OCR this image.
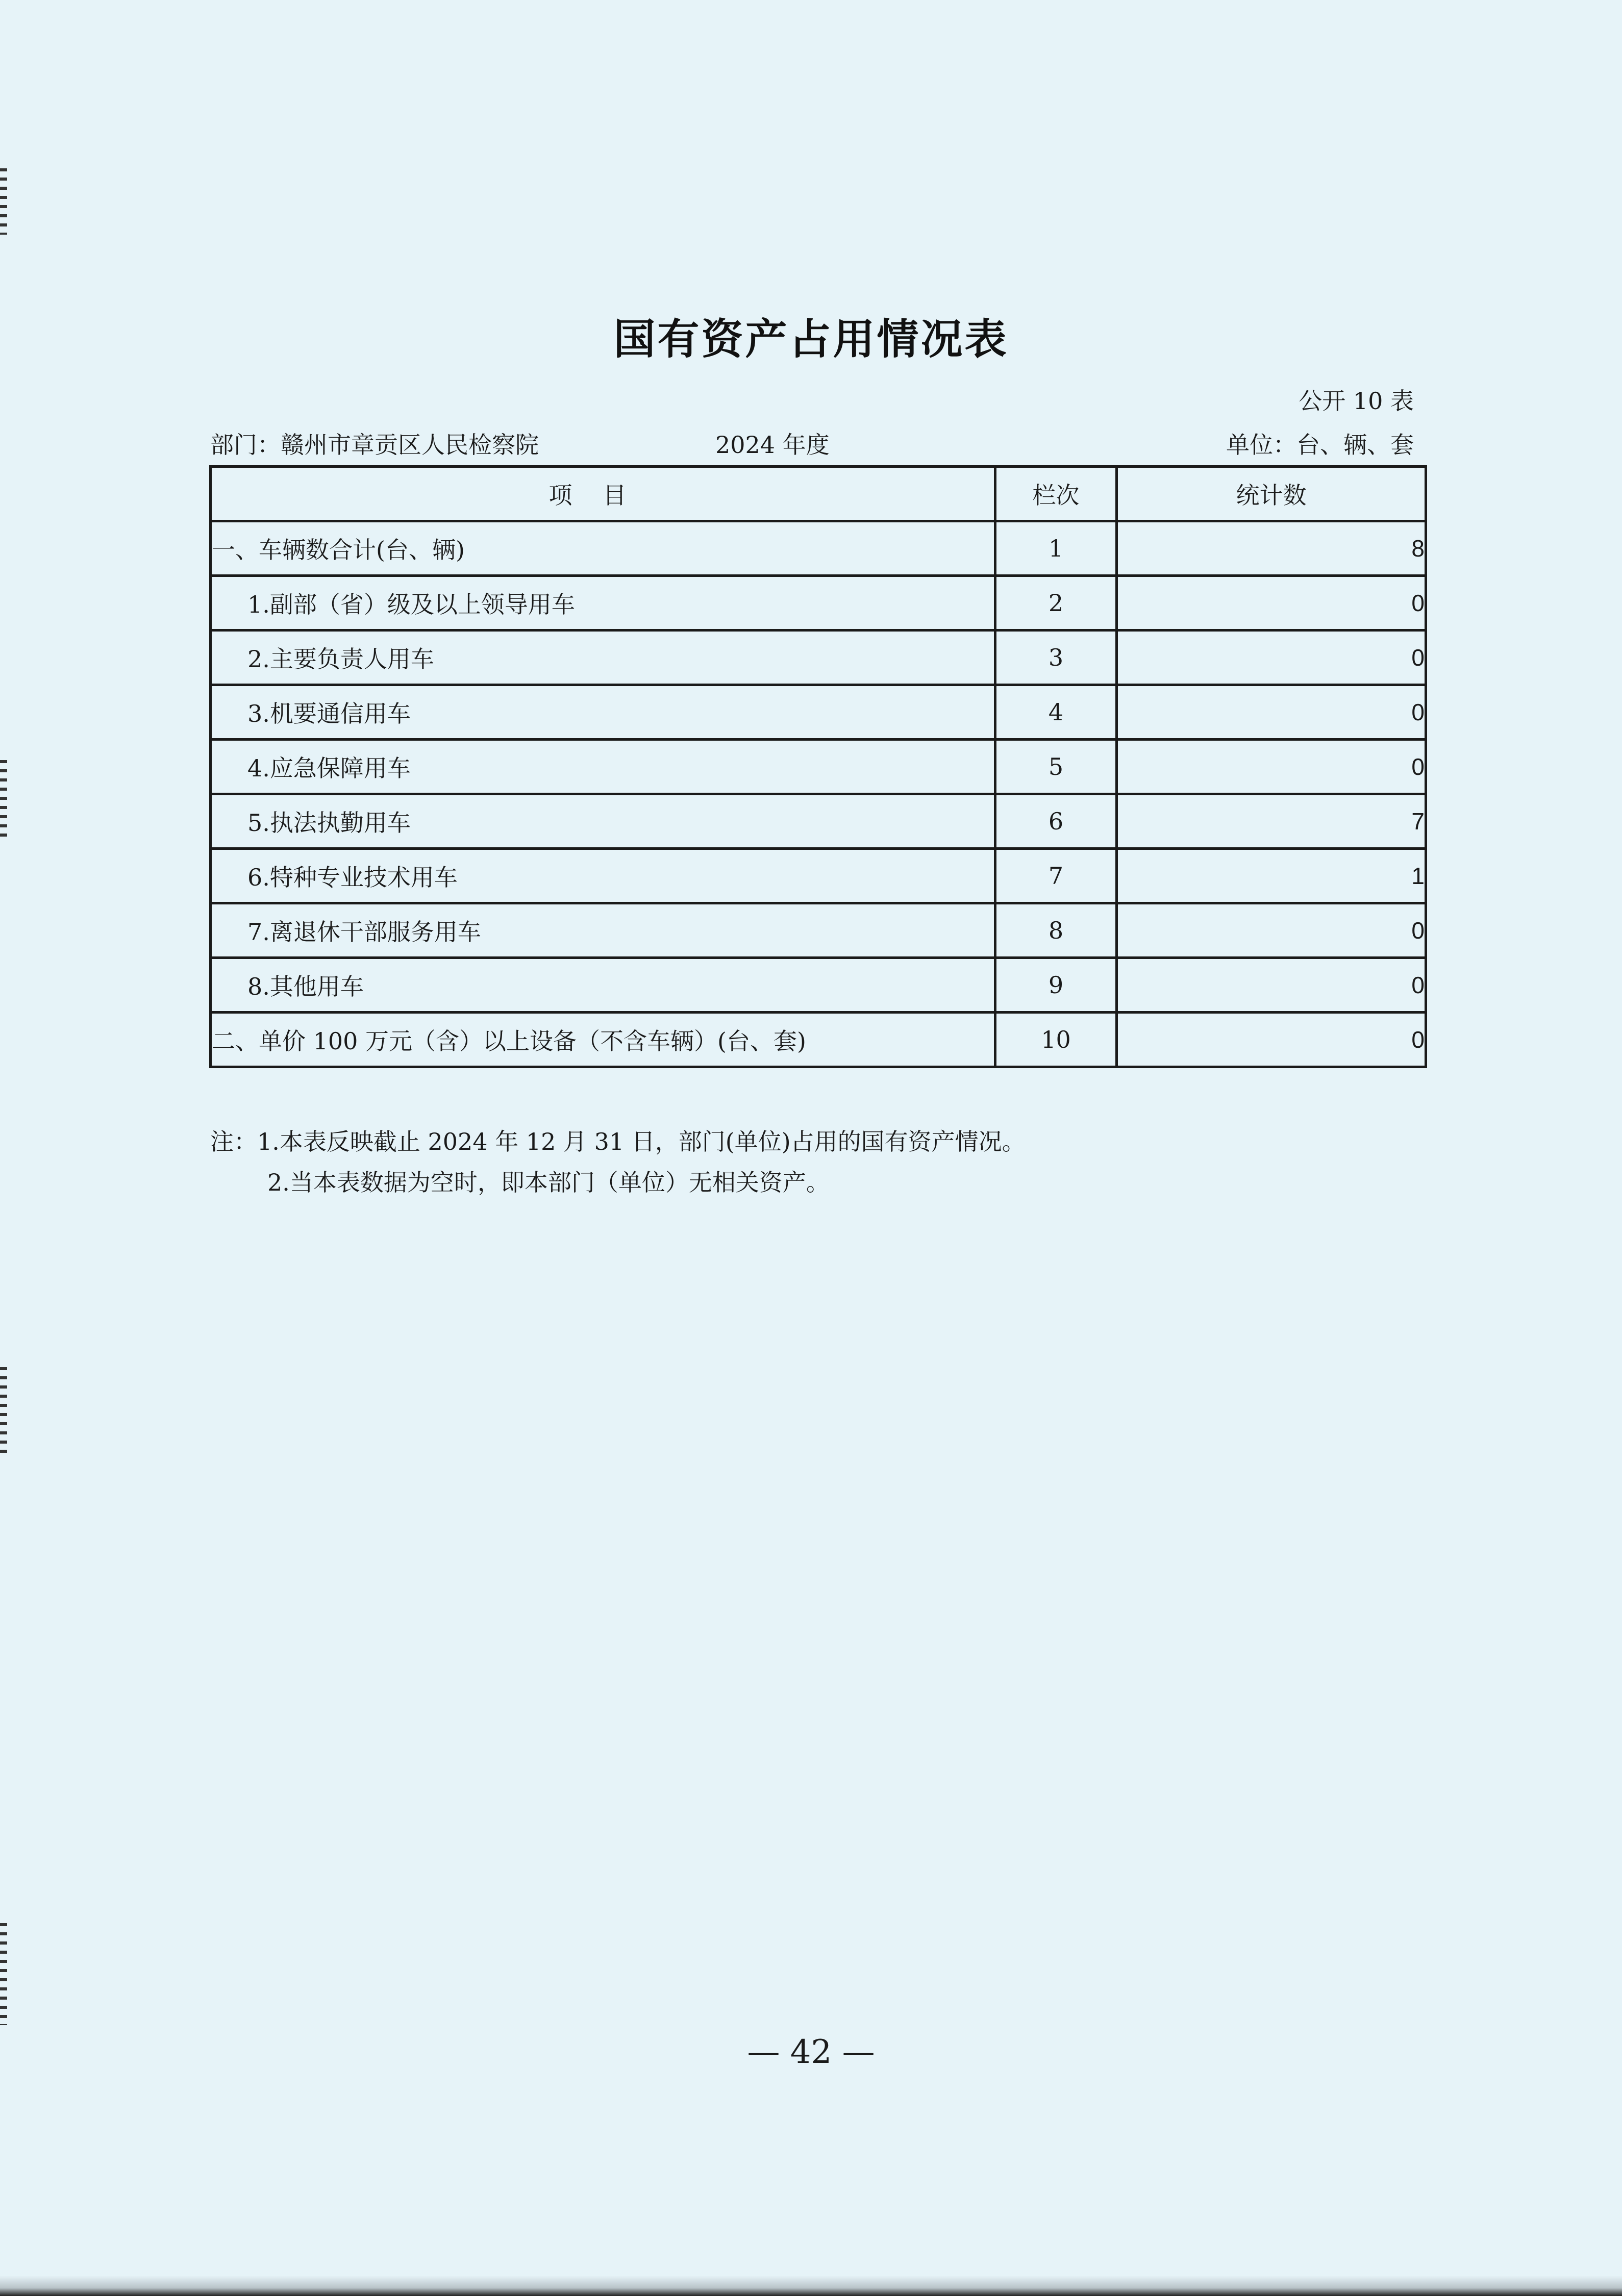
国有资产占用情况表
公开 10 表
部门：赣州市章贡区人民检察院	2024 年度	单位：台、辆、套
项目	栏次	统计数
一、车辆数合计(台、辆)	1	8
1.副部（省）级及以上领导用车	2	0
2.主要负责人用车	3	0
3.机要通信用车	4	0
4.应急保障用车	5	0
5.执法执勤用车	6	7
6.特种专业技术用车	7	1
7.离退休干部服务用车	8	0
8.其他用车	9	0
二、单价 100 万元（含）以上设备（不含车辆）(台、套)	10	0
注：1.本表反映截止 2024 年 12 月 31 日，部门(单位)占用的国有资产情况。
2.当本表数据为空时，即本部门（单位）无相关资产。
— 42 —
